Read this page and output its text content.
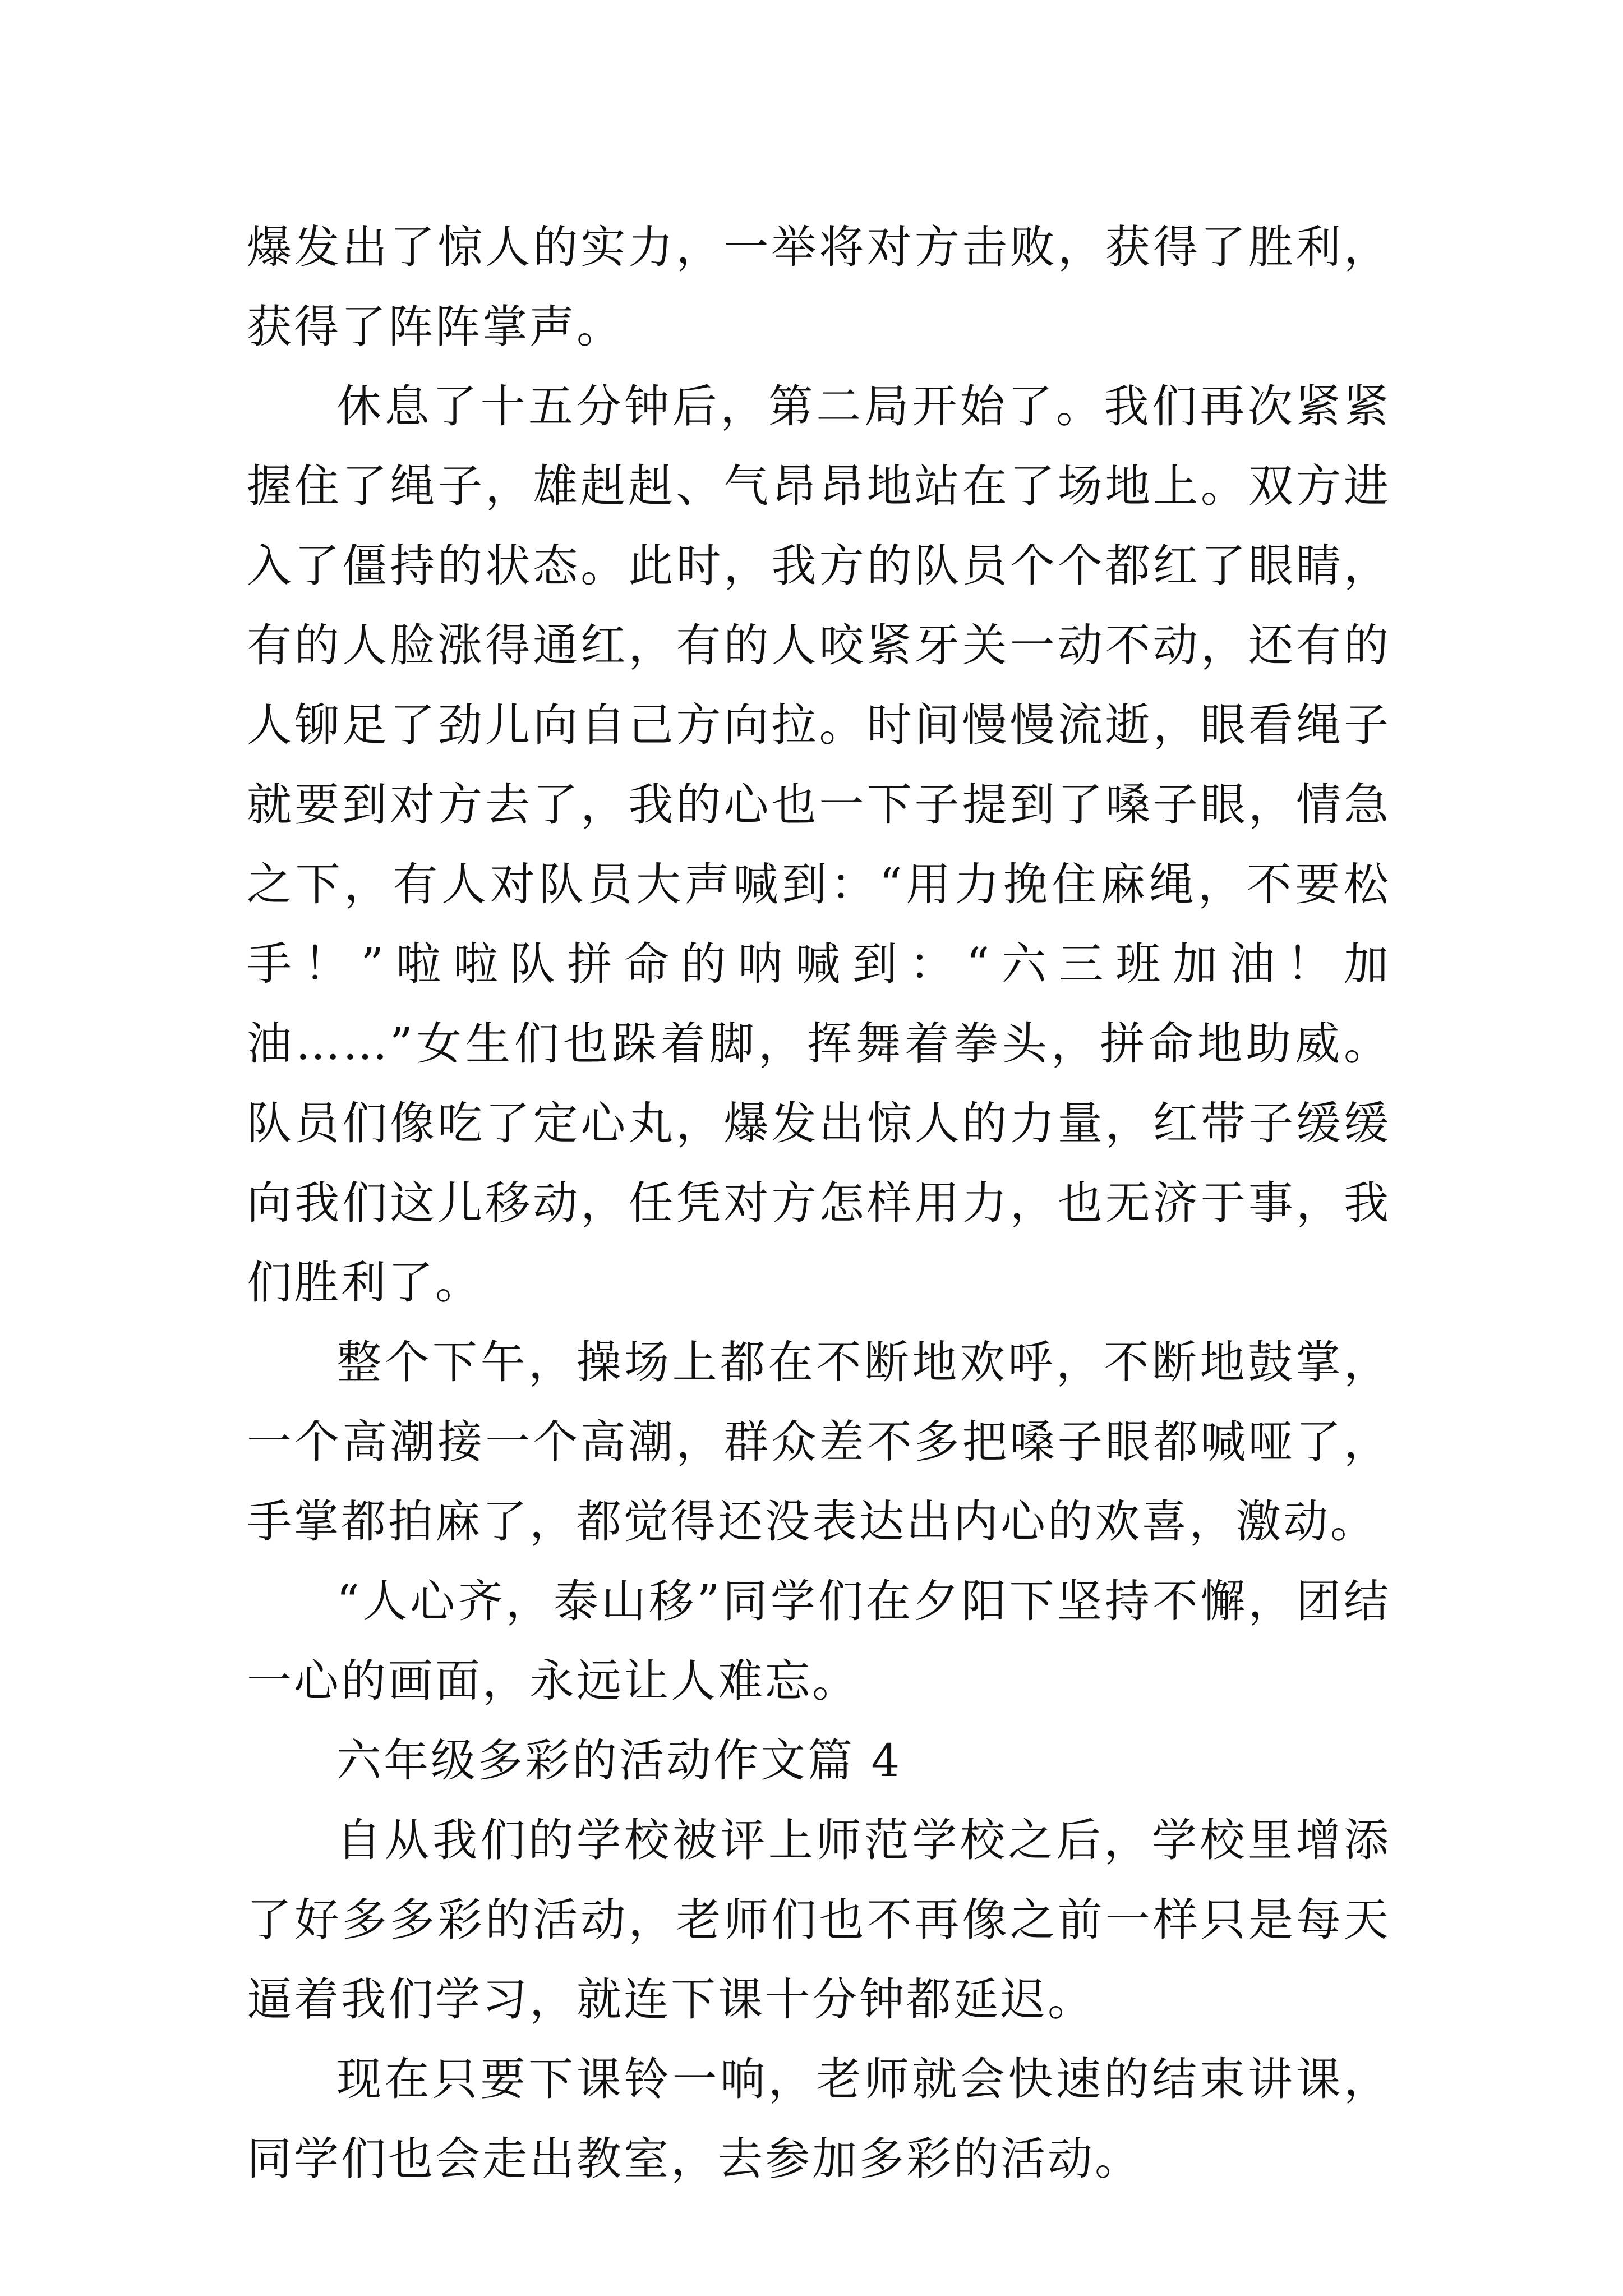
爆发出了惊人的实力，一举将对方击败，获得了胜利，获得了阵阵掌声。

休息了十五分钟后，第二局开始了。我们再次紧紧握住了绳子，雄赳赳、气昂昂地站在了场地上。双方进入了僵持的状态。此时，我方的队员个个都红了眼睛，有的人脸涨得通红，有的人咬紧牙关一动不动，还有的人铆足了劲儿向自己方向拉。时间慢慢流逝，眼看绳子就要到对方去了，我的心也一下子提到了嗓子眼，情急之下，有人对队员大声喊到：“用力挽住麻绳，不要松手！”啦啦队拼命的呐喊到：“六三班加油！加油……”女生们也跺着脚，挥舞着拳头，拼命地助威。队员们像吃了定心丸，爆发出惊人的力量，红带子缓缓向我们这儿移动，任凭对方怎样用力，也无济于事，我们胜利了。

整个下午，操场上都在不断地欢呼，不断地鼓掌，一个高潮接一个高潮，群众差不多把嗓子眼都喊哑了，手掌都拍麻了，都觉得还没表达出内心的欢喜，激动。

“人心齐，泰山移”同学们在夕阳下坚持不懈，团结一心的画面，永远让人难忘。

六年级多彩的活动作文篇 4

自从我们的学校被评上师范学校之后，学校里增添了好多多彩的活动，老师们也不再像之前一样只是每天逼着我们学习，就连下课十分钟都延迟。

现在只要下课铃一响，老师就会快速的结束讲课，同学们也会走出教室，去参加多彩的活动。
